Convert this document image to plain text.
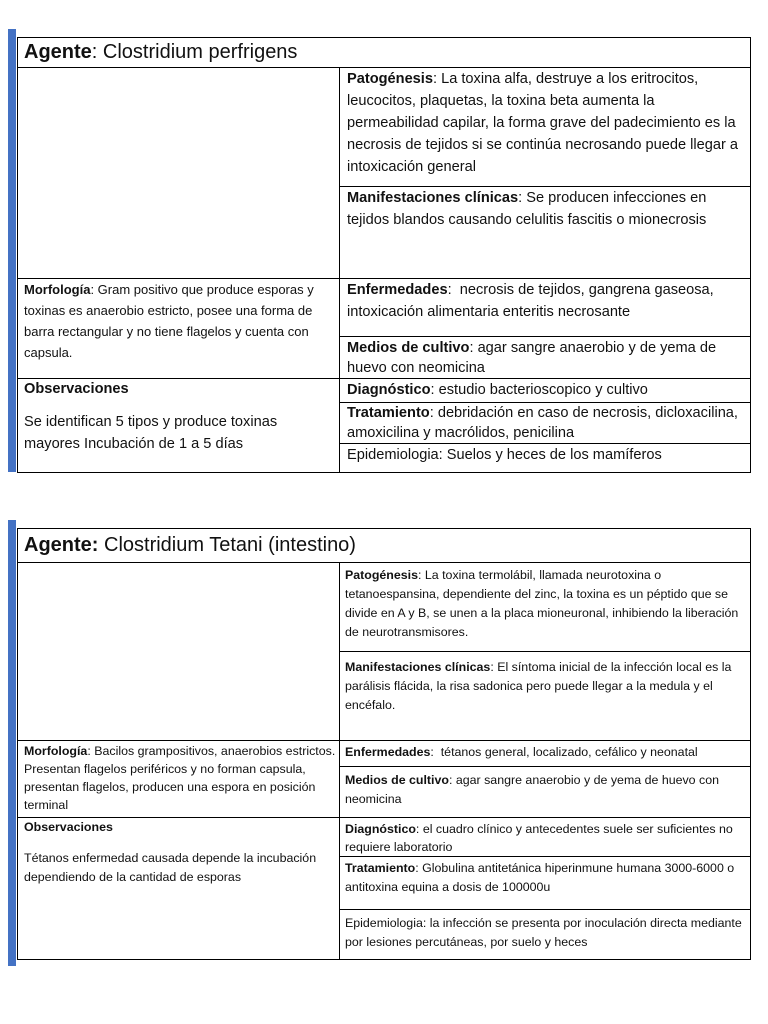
Agente : Clostridium perfrigens
Patogénesis: La toxina alfa, destruye a los eritrocitos, leucocitos, plaquetas, la toxina beta aumenta la permeabilidad capilar, la forma grave del padecimiento es la necrosis de tejidos si se continúa necrosando puede llegar a intoxicación general
Manifestaciones clínicas: Se producen infecciones en tejidos blandos causando celulitis fascitis o mionecrosis
Morfología: Gram positivo que produce esporas y toxinas es anaerobio estricto, posee una forma de barra rectangular y no tiene flagelos y cuenta con capsula.
Enfermedades:  necrosis de tejidos, gangrena gaseosa, intoxicación alimentaria enteritis necrosante
Medios de cultivo: agar sangre anaerobio y de yema de huevo con neomicina
Observaciones
Se identifican 5 tipos y produce toxinas mayores Incubación de 1 a 5 días
Diagnóstico: estudio bacterioscopico y cultivo
Tratamiento: debridación en caso de necrosis, dicloxacilina, amoxicilina y macrólidos, penicilina
Epidemiologia: Suelos y heces de los mamíferos
Agente:
Clostridium Tetani (intestino)
Patogénesis: La toxina termolábil, llamada neurotoxina o tetanoespansina, dependiente del zinc, la toxina es un péptido que se divide en A y B, se unen a la placa mioneuronal, inhibiendo la liberación de neurotransmisores.
Manifestaciones clínicas: El síntoma inicial de la infección local es la parálisis flácida, la risa sadonica pero puede llegar a la medula y el encéfalo.
Morfología: Bacilos grampositivos, anaerobios estrictos. Presentan flagelos periféricos y no forman capsula, presentan flagelos, producen una espora en posición terminal
Enfermedades:  tétanos general, localizado, cefálico y neonatal
Medios de cultivo: agar sangre anaerobio y de yema de huevo con neomicina
Observaciones
Tétanos enfermedad causada depende la incubación dependiendo de la cantidad de esporas
Diagnóstico: el cuadro clínico y antecedentes suele ser suficientes no requiere laboratorio
Tratamiento: Globulina antitetánica hiperinmune humana 3000-6000 o antitoxina equina a dosis de 100000u
Epidemiologia: la infección se presenta por inoculación directa mediante por lesiones percutáneas, por suelo y heces
